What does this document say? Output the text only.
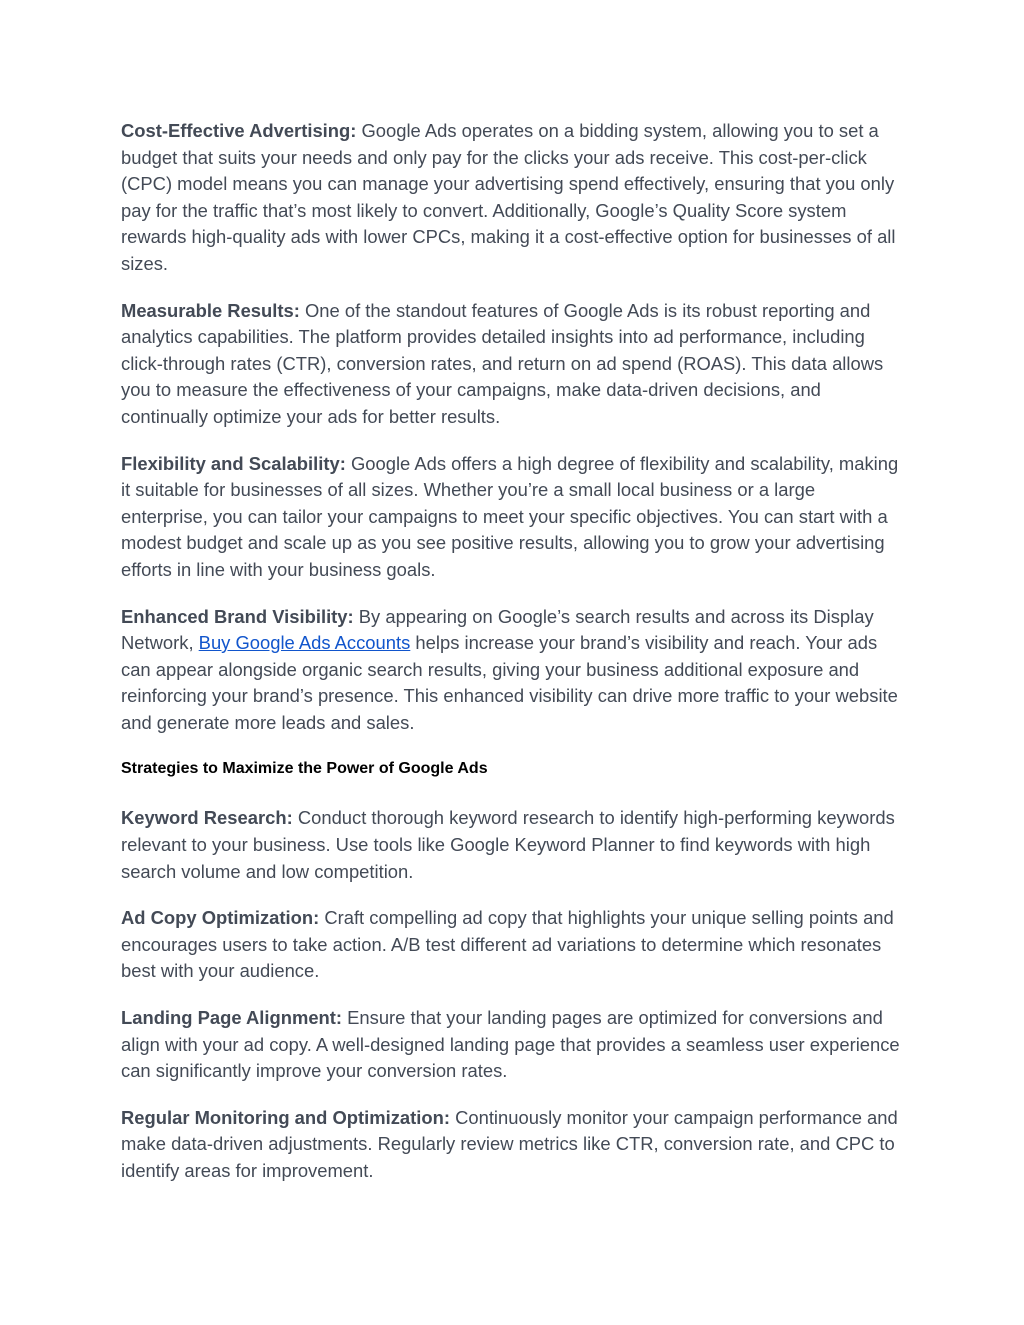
Cost-Effective Advertising: Google Ads operates on a bidding system, allowing you to set a budget that suits your needs and only pay for the clicks your ads receive. This cost-per-click (CPC) model means you can manage your advertising spend effectively, ensuring that you only pay for the traffic that’s most likely to convert. Additionally, Google’s Quality Score system rewards high-quality ads with lower CPCs, making it a cost-effective option for businesses of all sizes.

Measurable Results: One of the standout features of Google Ads is its robust reporting and analytics capabilities. The platform provides detailed insights into ad performance, including click-through rates (CTR), conversion rates, and return on ad spend (ROAS). This data allows you to measure the effectiveness of your campaigns, make data-driven decisions, and continually optimize your ads for better results.

Flexibility and Scalability: Google Ads offers a high degree of flexibility and scalability, making it suitable for businesses of all sizes. Whether you’re a small local business or a large enterprise, you can tailor your campaigns to meet your specific objectives. You can start with a modest budget and scale up as you see positive results, allowing you to grow your advertising efforts in line with your business goals.

Enhanced Brand Visibility: By appearing on Google’s search results and across its Display Network, Buy Google Ads Accounts helps increase your brand’s visibility and reach. Your ads can appear alongside organic search results, giving your business additional exposure and reinforcing your brand’s presence. This enhanced visibility can drive more traffic to your website and generate more leads and sales.

Strategies to Maximize the Power of Google Ads

Keyword Research: Conduct thorough keyword research to identify high-performing keywords relevant to your business. Use tools like Google Keyword Planner to find keywords with high search volume and low competition.

Ad Copy Optimization: Craft compelling ad copy that highlights your unique selling points and encourages users to take action. A/B test different ad variations to determine which resonates best with your audience.

Landing Page Alignment: Ensure that your landing pages are optimized for conversions and align with your ad copy. A well-designed landing page that provides a seamless user experience can significantly improve your conversion rates.

Regular Monitoring and Optimization: Continuously monitor your campaign performance and make data-driven adjustments. Regularly review metrics like CTR, conversion rate, and CPC to identify areas for improvement.
